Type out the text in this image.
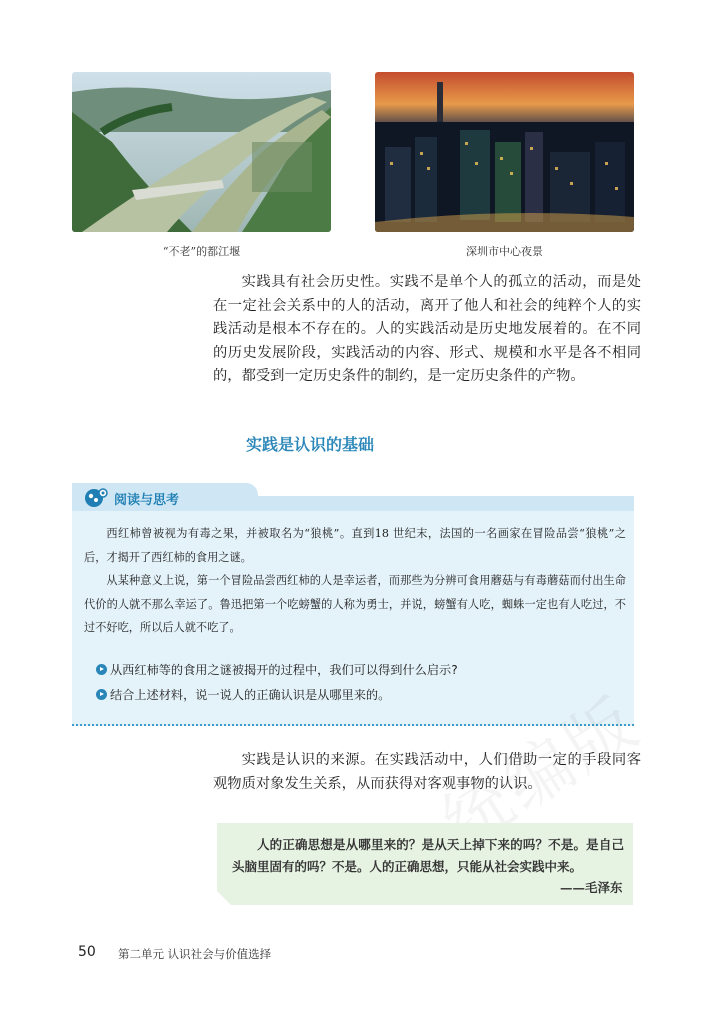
“不老”的都江堰	深圳市中心夜景
实践具有社会历史性。实践不是单个人的孤立的活动，而是处在一定社会关系中的人的活动，离开了他人和社会的纯粹个人的实践活动是根本不存在的。人的实践活动是历史地发展着的。在不同的历史发展阶段，实践活动的内容、形式、规模和水平是各不相同的，都受到一定历史条件的制约，是一定历史条件的产物。
实践是认识的基础
阅读与思考

西红柿曾被视为有毒之果，并被取名为“狼桃”。直到18 世纪末，法国的一名画家在冒险品尝“狼桃”之后，才揭开了西红柿的食用之谜。

从某种意义上说，第一个冒险品尝西红柿的人是幸运者，而那些为分辨可食用蘑菇与有毒蘑菇而付出生命代价的人就不那么幸运了。鲁迅把第一个吃螃蟹的人称为勇士，并说，螃蟹有人吃，蜘蛛一定也有人吃过，不过不好吃，所以后人就不吃了。

从西红柿等的食用之谜被揭开的过程中，我们可以得到什么启示?
结合上述材料，说一说人的正确认识是从哪里来的。
实践是认识的来源。在实践活动中，人们借助一定的手段同客观物质对象发生关系，从而获得对客观事物的认识。
人的正确思想是从哪里来的？是从天上掉下来的吗？不是。是自己头脑里固有的吗？不是。人的正确思想，只能从社会实践中来。
——毛泽东
50 第二单元 认识社会与价值选择
